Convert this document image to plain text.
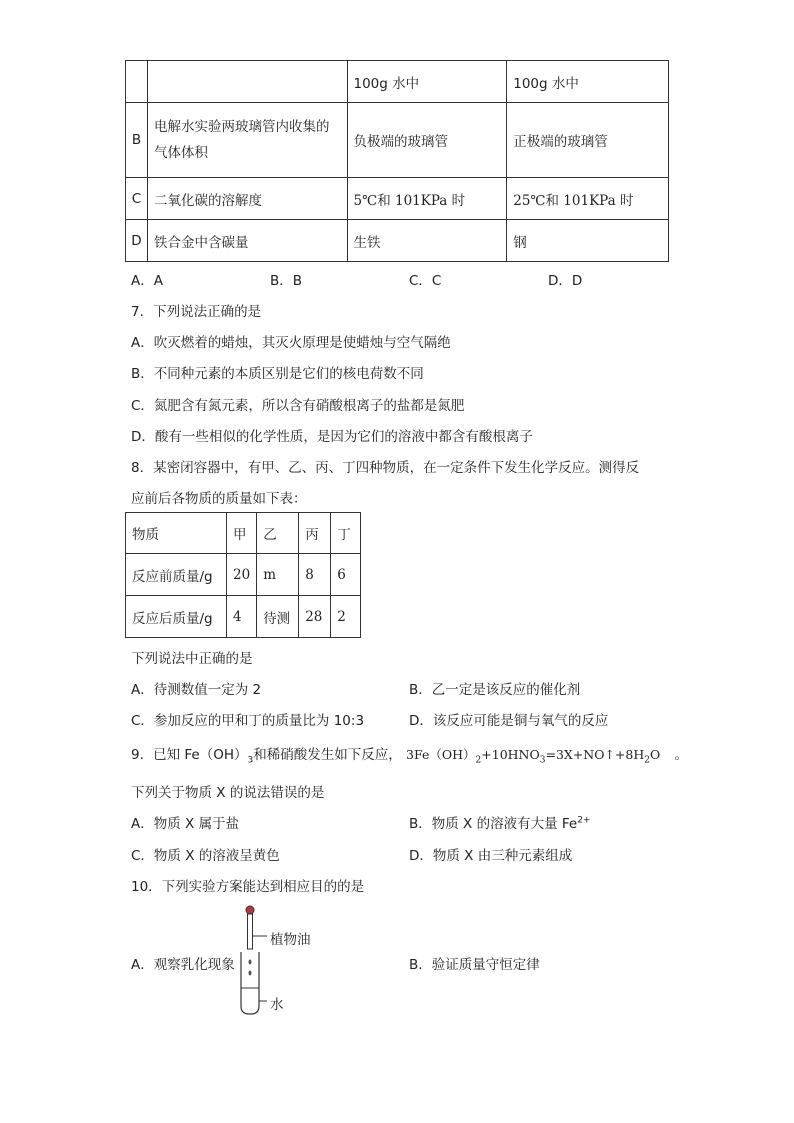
		100g 水中	100g 水中
B	电解水实验两玻璃管内收集的气体体积	负极端的玻璃管	正极端的玻璃管
C	二氧化碳的溶解度	5℃和 101KPa 时	25℃和 101KPa 时
D	铁合金中含碳量	生铁	钢
A．A	B．B	C．C	D．D
7．下列说法正确的是
A．吹灭燃着的蜡烛，其灭火原理是使蜡烛与空气隔绝
B．不同种元素的本质区别是它们的核电荷数不同
C．氮肥含有氮元素，所以含有硝酸根离子的盐都是氮肥
D．酸有一些相似的化学性质，是因为它们的溶液中都含有酸根离子
8．某密闭容器中，有甲、乙、丙、丁四种物质，在一定条件下发生化学反应。测得反
应前后各物质的质量如下表：
物质	甲	乙	丙	丁
反应前质量/g	20	m	8	6
反应后质量/g	4	待测	28	2
下列说法中正确的是
A．待测数值一定为 2	B．乙一定是该反应的催化剂
C．参加反应的甲和丁的质量比为 10:3	D．该反应可能是铜与氧气的反应
9．已知 $Fe(OH)_3$和稀硝酸发生如下反应， $3Fe(OH)_2+10HNO_3=3X+NO↑+8H_2O$ 。
下列关于物质 X 的说法错误的是
A．物质 X 属于盐	B．物质 X 的溶液有大量 $Fe^{2+}$
C．物质 X 的溶液呈黄色	D．物质 X 由三种元素组成
10．下列实验方案能达到相应目的的是
植物油
水
A．观察乳化现象	B．验证质量守恒定律
